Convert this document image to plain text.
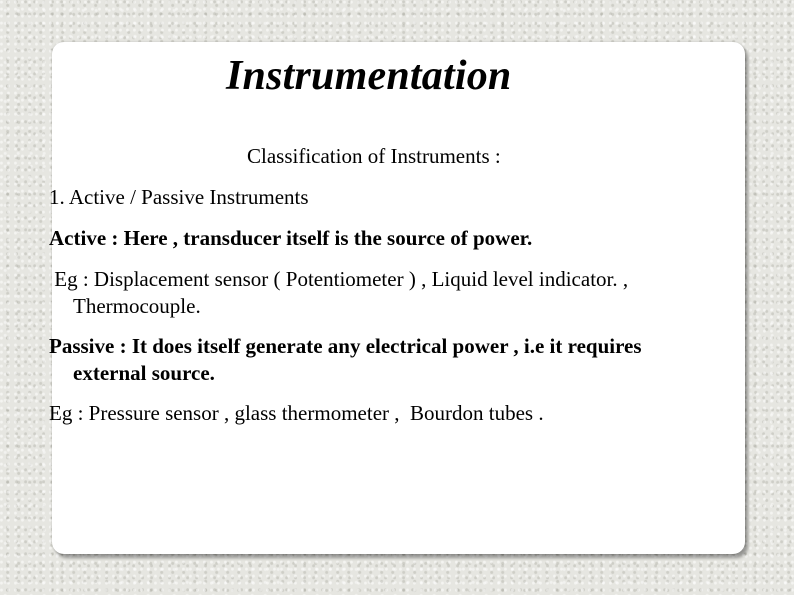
Instrumentation
Classification of Instruments :

1. Active / Passive Instruments

Active : Here , transducer itself is the source of power.

Eg : Displacement sensor ( Potentiometer ) , Liquid level indicator. ,
Thermocouple.
Passive : It does itself generate any electrical power , i.e it requires
external source.

Eg : Pressure sensor , glass thermometer ,  Bourdon tubes .
